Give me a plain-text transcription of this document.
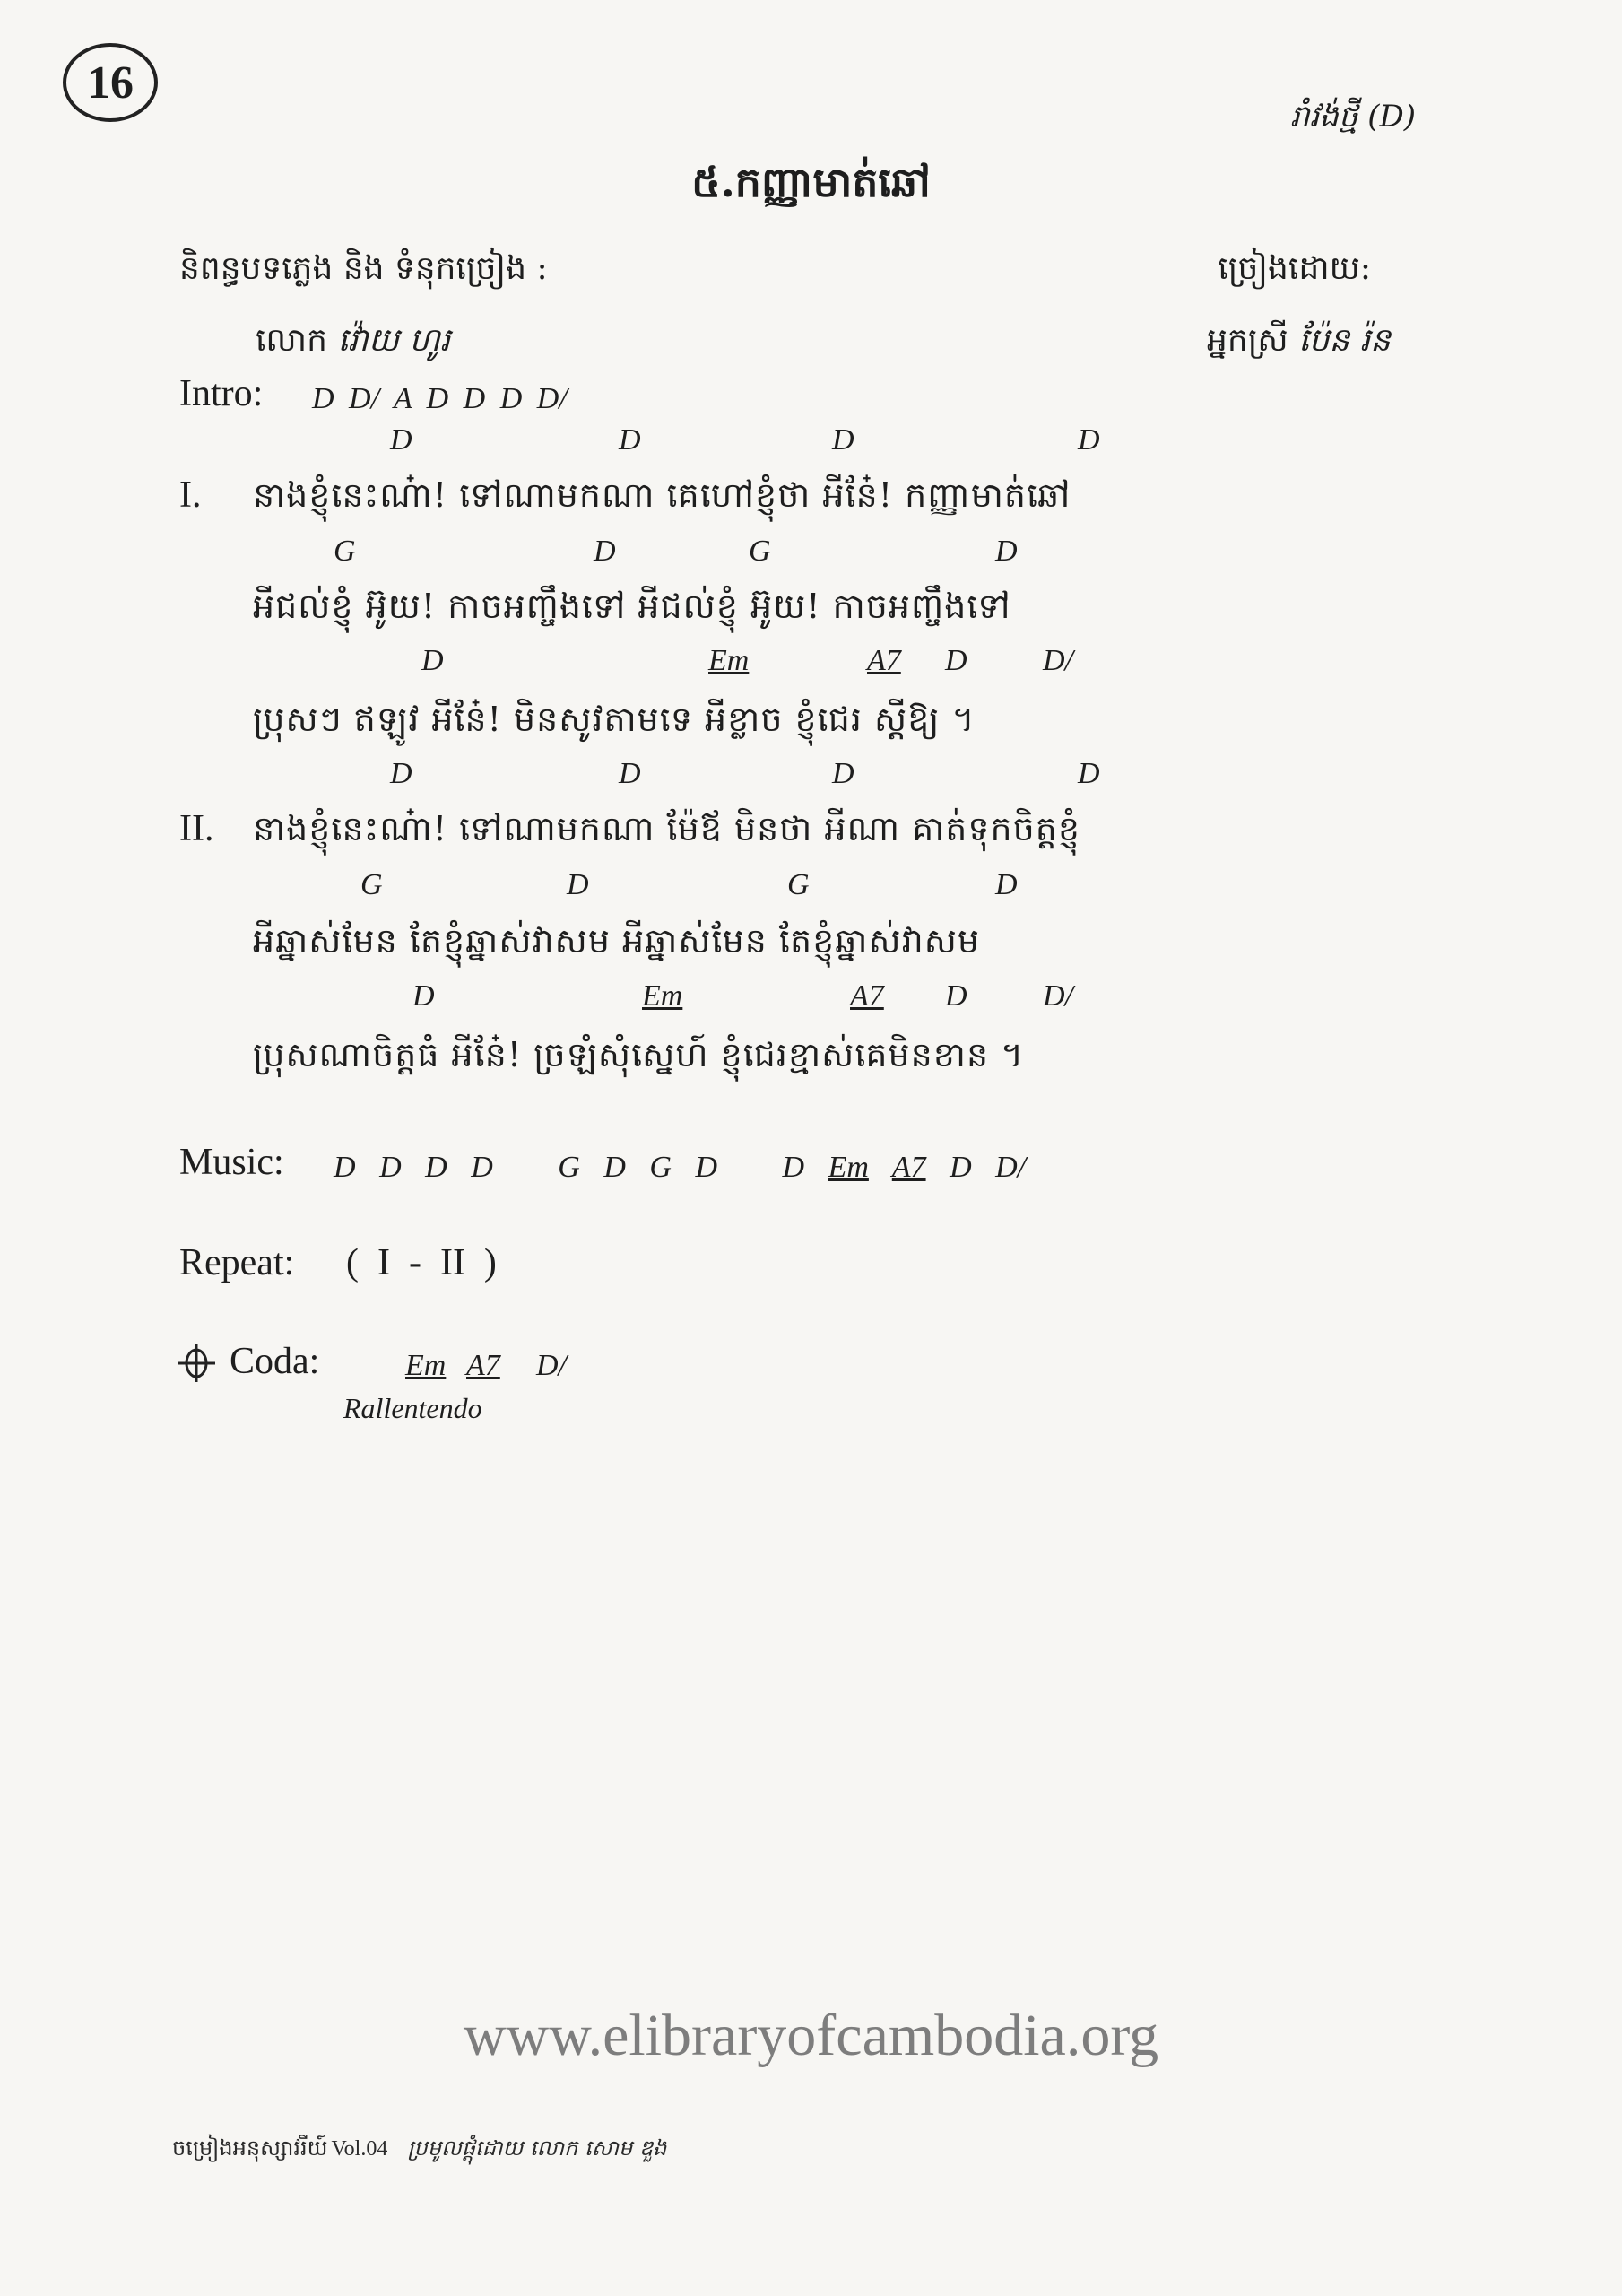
16
រាំវង់ថ្មី (D)
៥.កញ្ញាមាត់ឆៅ
និពន្ធបទភ្លេង និង ទំនុកច្រៀង :	ច្រៀងដោយ:
លោក វ៉ោយ ហូរ	អ្នកស្រី ប៉ែន រ៉ន
Intro: D D/ A D D D D/
D	D	D	D
I. នាងខ្ញុំនេះណ៎ា! ទៅណាមកណា គេហៅខ្ញុំថា អីនែ៎! កញ្ញាមាត់ឆៅ
G	D	G	D
អីជល់ខ្ញុំ អ៊ូយ! កាចអញ្ចឹងទៅ អីជល់ខ្ញុំ អ៊ូយ! កាចអញ្ចឹងទៅ
D	Em	A7 D D/
ប្រុសៗ ឥឡូវ អីនែ៎! មិនសូវតាមទេ អីខ្លាច ខ្ញុំជេរ ស្តីឱ្យ ។
D	D	D	D
II. នាងខ្ញុំនេះណ៎ា! ទៅណាមកណា ម៉ែឪ មិនថា អីណា គាត់ទុកចិត្តខ្ញុំ
G	D	G	D
អីឆ្នាស់មែន តែខ្ញុំឆ្នាស់វាសម អីឆ្នាស់មែន តែខ្ញុំឆ្នាស់វាសម
D	Em	A7 D D/
ប្រុសណាចិត្តធំ អីនែ៎! ច្រឡំសុំស្នេហ៍ ខ្ញុំជេរខ្មាស់គេមិនខាន ។
Music: D D D D G D G D D Em A7 D D/
Repeat: (  I  -  II  )
Coda:	Em A7 D/
Rallentendo
www.elibraryofcambodia.org
ចម្រៀងអនុស្សាវរីយ៍ Vol.04 ប្រមូលផ្តុំដោយ លោក សោម ឌួង
